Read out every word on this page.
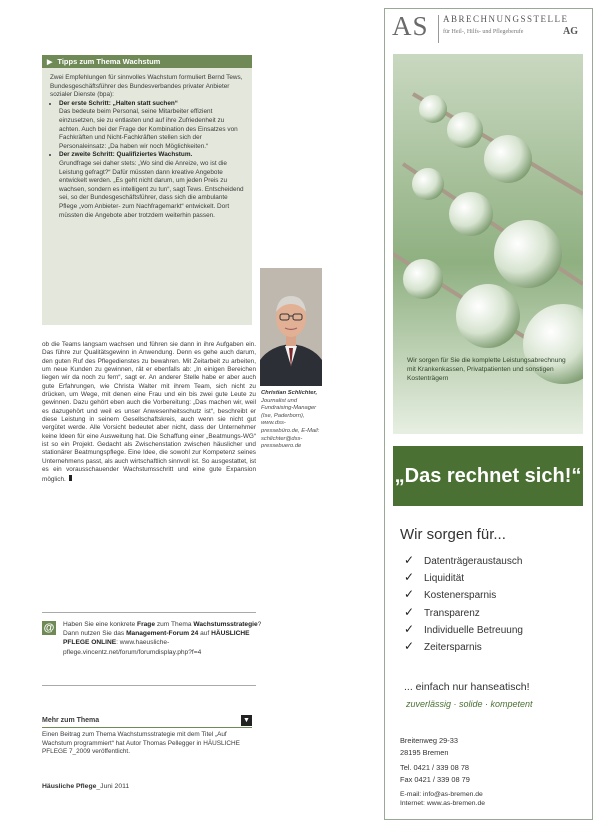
▶ Tipps zum Thema Wachstum

Zwei Empfehlungen für sinnvolles Wachstum formuliert Bernd Tews, Bundesgeschäftsführer des Bundesverbandes privater Anbieter sozialer Dienste (bpa):

• Der erste Schritt: „Halten statt suchen“
Das bedeute beim Personal, seine Mitarbeiter effizient einzusetzen, sie zu entlasten und auf ihre Zufriedenheit zu achten. Auch bei der Frage der Kombination des Einsatzes von Fachkräften und Nicht-Fachkräften stellen sich der Personaleinsatz: „Da haben wir noch Möglichkeiten.“
• Der zweite Schritt: Qualifiziertes Wachstum.
Grundfrage sei daher stets: „Wo sind die Anreize, wo ist die Leistung gefragt?“ Dafür müssten dann kreative Angebote entwickelt werden. „Es geht nicht darum, um jeden Preis zu wachsen, sondern es intelligent zu tun“, sagt Tews. Entscheidend sei, so der Bundesgeschäftsführer, dass sich die ambulante Pflege „vom Anbieter- zum Nachfragemarkt“ entwickelt. Dort müssten die Angebote aber trotzdem weiterhin passen.
Christian Schlichter, Journalist und Fundraising-Manager (Ise, Paderborn), www.dss-pressebüro.de, E-Mail: schlichter@dss-pressebuero.de

ob die Teams langsam wachsen und führen sie dann in ihre Aufgaben ein. Das führe zur Qualitätsgewinn in Anwendung. Denn es gehe auch darum, den guten Ruf des Pflegedienstes zu bewahren. Mit Zeitarbeit zu arbeiten, um neue Kunden zu gewinnen, rät er ebenfalls ab: „In einigen Bereichen liegen wir da noch zu fern“, sagt er. An anderer Stelle habe er aber auch gute Erfahrungen, wie Christa Walter mit ihrem Team, sich nicht zu drücken, um Wege, mit denen eine Frau und ein bis zwei gute Leute zu gewinnen. Dazu gehört eben auch die Vorbereitung: „Das machen wir, weil es dazugehört und weil es unser Anwesenheitsschutz ist“, beschreibt er diese Leistung in seinem Gesellschaftskreis, auch wenn sie nicht gut vergütet werde. Alle Vorsicht bedeutet aber nicht, dass der Unternehmer keine Ideen für eine Ausweitung hat. Die Schaffung einer „Beatmungs-WG“ ist so ein Projekt. Gedacht als Zwischenstation zwischen häuslicher und stationärer Beatmungspflege. Eine Idee, die sowohl zur Kompetenz seines Unternehmens passt, als auch wirtschaftlich sinnvoll ist. So ausgestattet, ist es ein vorausschauender Wachstumsschritt und eine gute Expansion möglich.

@ Haben Sie eine konkrete Frage zum Thema Wachstumsstrategie? Dann nutzen Sie das Management-Forum 24 auf HÄUSLICHE PFLEGE ONLINE: www.haeusliche-pflege.vincentz.net/forum/forumdisplay.php?f=4
Mehr zum Thema	▼
Einen Beitrag zum Thema Wachstumsstrategie mit dem Titel „Auf Wachstum programmiert“ hat Autor Thomas Pellegger in HÄUSLICHE PFLEGE 7_2009 veröffentlicht.
Häusliche Pflege_Juni 2011
AS ABRECHNUNGSSTELLE
für Heil-, Hilfs- und Pflegeberufe	AG
Wir sorgen für Sie die komplette Leistungsabrechnung mit Krankenkassen, Privatpatienten und sonstigen Kostenträgern
„Das rechnet sich!“
Wir sorgen für...
✓ Datenträgeraustausch
✓ Liquidität
✓ Kostenersparnis
✓ Transparenz
✓ Individuelle Betreuung
✓ Zeitersparnis
... einfach nur hanseatisch!
zuverlässig · solide · kompetent
Breitenweg 29-33
28195 Bremen
Tel. 0421 / 339 08 78
Fax 0421 / 339 08 79
E-mail: info@as-bremen.de
Internet: www.as-bremen.de
